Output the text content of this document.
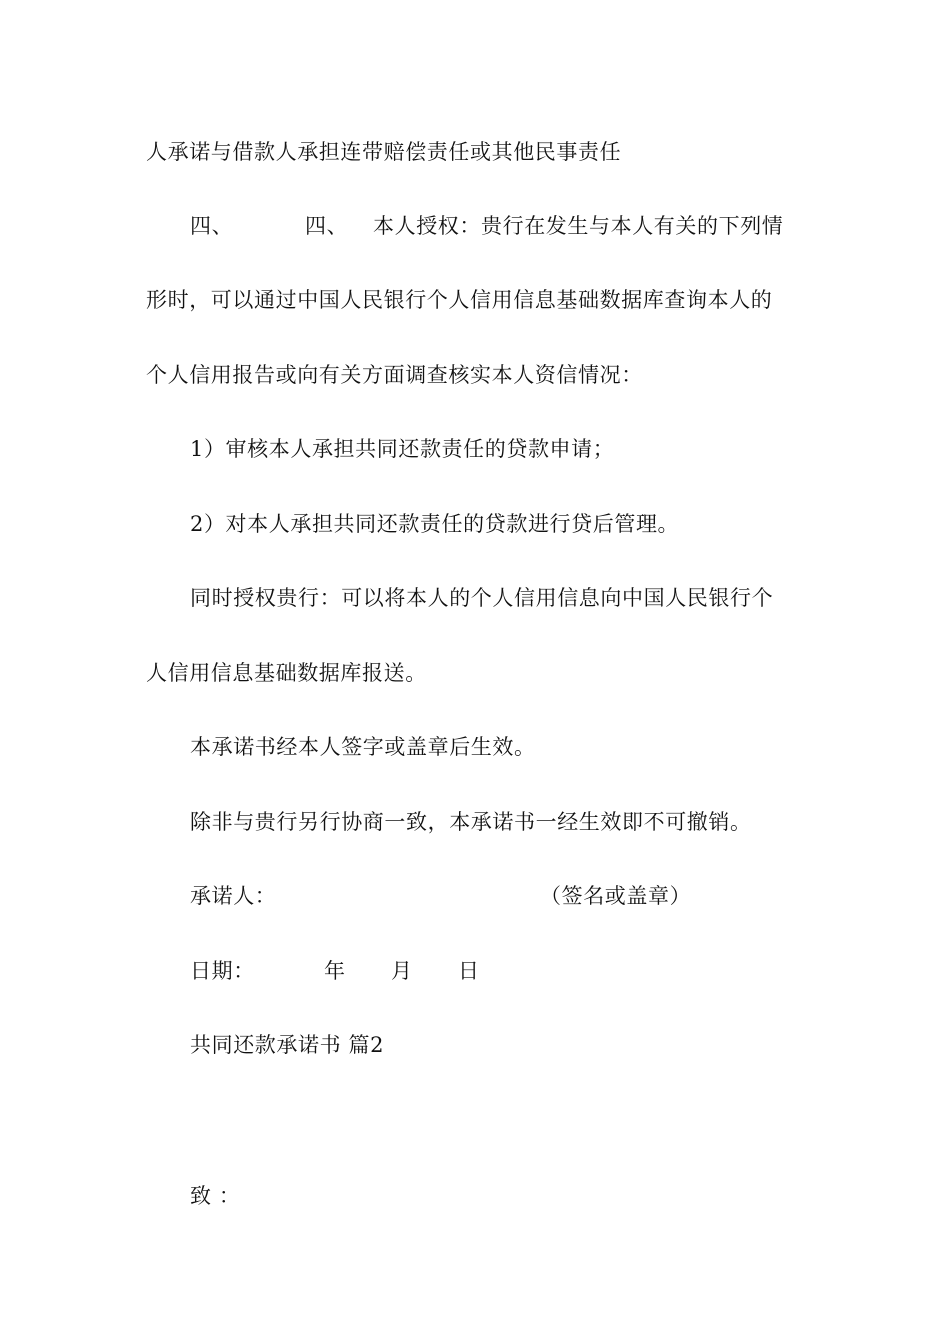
人承诺与借款人承担连带赔偿责任或其他民事责任
四、	四、 本人授权：贵行在发生与本人有关的下列情
形时，可以通过中国人民银行个人信用信息基础数据库查询本人的
个人信用报告或向有关方面调查核实本人资信情况：
1）审核本人承担共同还款责任的贷款申请；
2）对本人承担共同还款责任的贷款进行贷后管理。
同时授权贵行：可以将本人的个人信用信息向中国人民银行个
人信用信息基础数据库报送。
本承诺书经本人签字或盖章后生效。
除非与贵行另行协商一致，本承诺书一经生效即不可撤销。
承诺人：	（签名或盖章）
日期：	年 月 日
共同还款承诺书 篇2
致 ：
